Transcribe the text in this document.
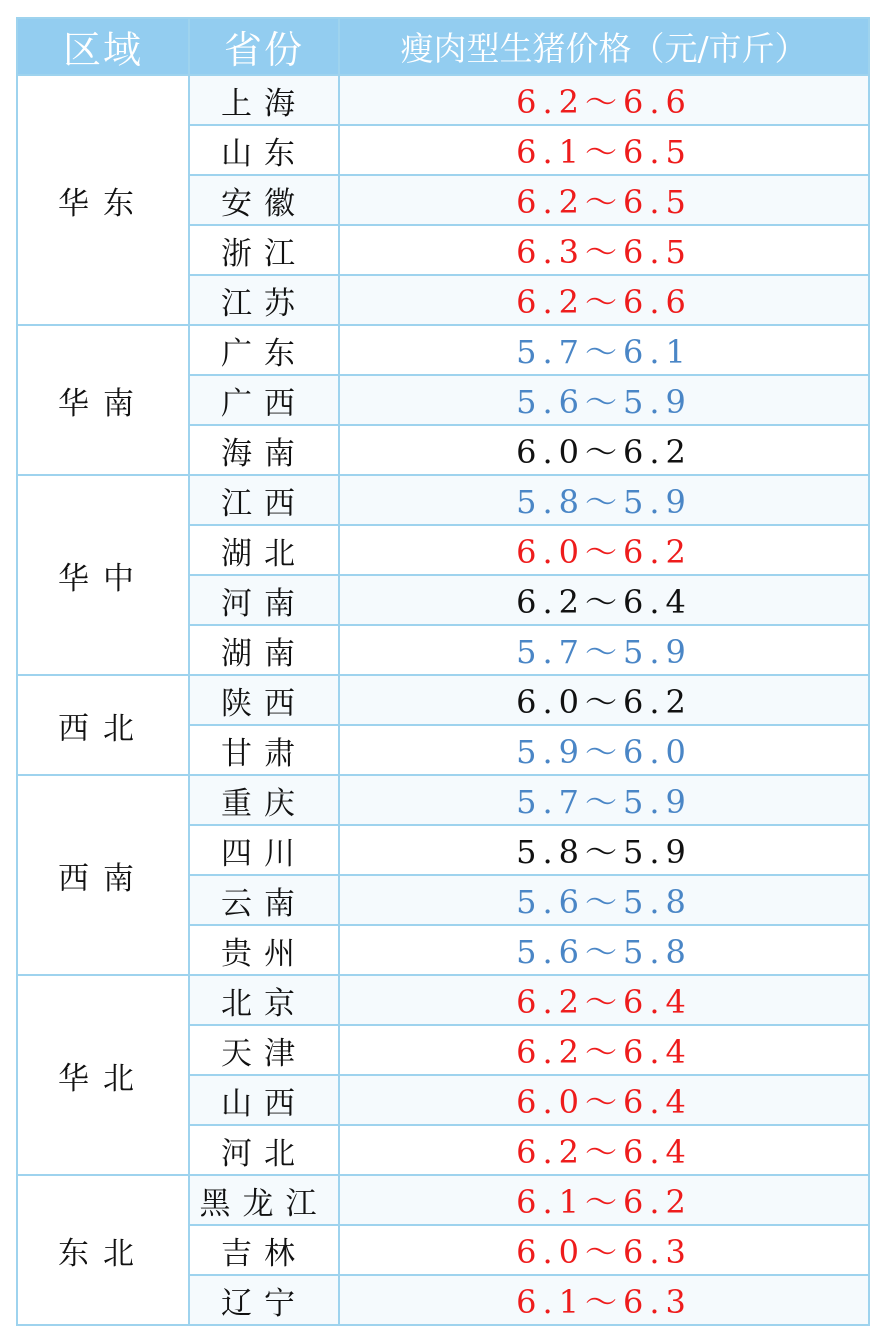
区域	省份	瘦肉型生猪价格（元/市斤）
华东	上海	6.2～6.6
	山东	6.1～6.5
	安徽	6.2～6.5
	浙江	6.3～6.5
	江苏	6.2～6.6
华南	广东	5.7～6.1
	广西	5.6～5.9
	海南	6.0～6.2
华中	江西	5.8～5.9
	湖北	6.0～6.2
	河南	6.2～6.4
	湖南	5.7～5.9
西北	陕西	6.0～6.2
	甘肃	5.9～6.0
西南	重庆	5.7～5.9
	四川	5.8～5.9
	云南	5.6～5.8
	贵州	5.6～5.8
华北	北京	6.2～6.4
	天津	6.2～6.4
	山西	6.0～6.4
	河北	6.2～6.4
东北	黑龙江	6.1～6.2
	吉林	6.0～6.3
	辽宁	6.1～6.3
